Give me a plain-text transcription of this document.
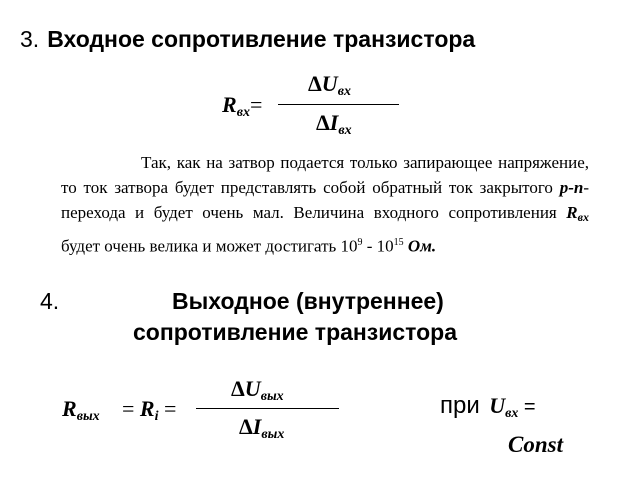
3. Входное сопротивление транзистора
$R_{вх}=$
$\Delta U_{вх}$
$\Delta I_{вх}$
Так, как на затвор подается только запирающее напряжение, то ток затвора будет представлять собой обратный ток закрытого p-n-перехода и будет очень мал. Величина входного сопротивления $R_{вх}$ будет очень велика и может достигать $10^9 - 10^{15}$ Ом.
4.	Выходное (внутреннее)
сопротивление транзистора
$R_{вых} = R_i$ =
$\Delta U_{вых}$
$\Delta I_{вых}$
при $U_{вх}$ =
Const
